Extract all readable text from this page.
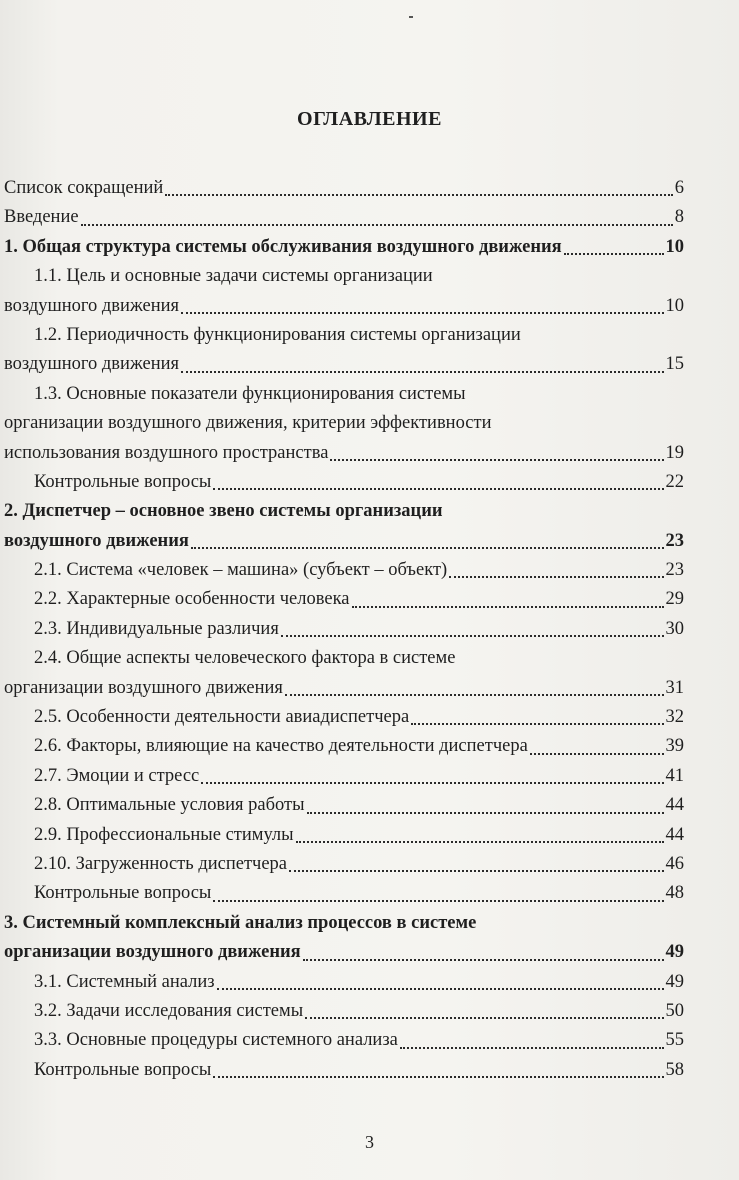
ОГЛАВЛЕНИЕ
Список сокращений	6
Введение	8
1. Общая структура системы обслуживания воздушного движения	10
1.1. Цель и основные задачи системы организации
воздушного движения	10
1.2. Периодичность функционирования системы организации
воздушного движения	15
1.3. Основные показатели функционирования системы
организации воздушного движения, критерии эффективности
использования воздушного пространства	19
Контрольные вопросы	22
2. Диспетчер – основное звено системы организации
воздушного движения	23
2.1. Система «человек – машина» (субъект – объект)	23
2.2. Характерные особенности человека	29
2.3. Индивидуальные различия	30
2.4. Общие аспекты человеческого фактора в системе
организации воздушного движения	31
2.5. Особенности деятельности авиадиспетчера	32
2.6. Факторы, влияющие на качество деятельности диспетчера	39
2.7. Эмоции и стресс	41
2.8. Оптимальные условия работы	44
2.9. Профессиональные стимулы	44
2.10. Загруженность диспетчера	46
Контрольные вопросы	48
3. Системный комплексный анализ процессов в системе
организации воздушного движения	49
3.1. Системный анализ	49
3.2. Задачи исследования системы	50
3.3. Основные процедуры системного анализа	55
Контрольные вопросы	58
3
